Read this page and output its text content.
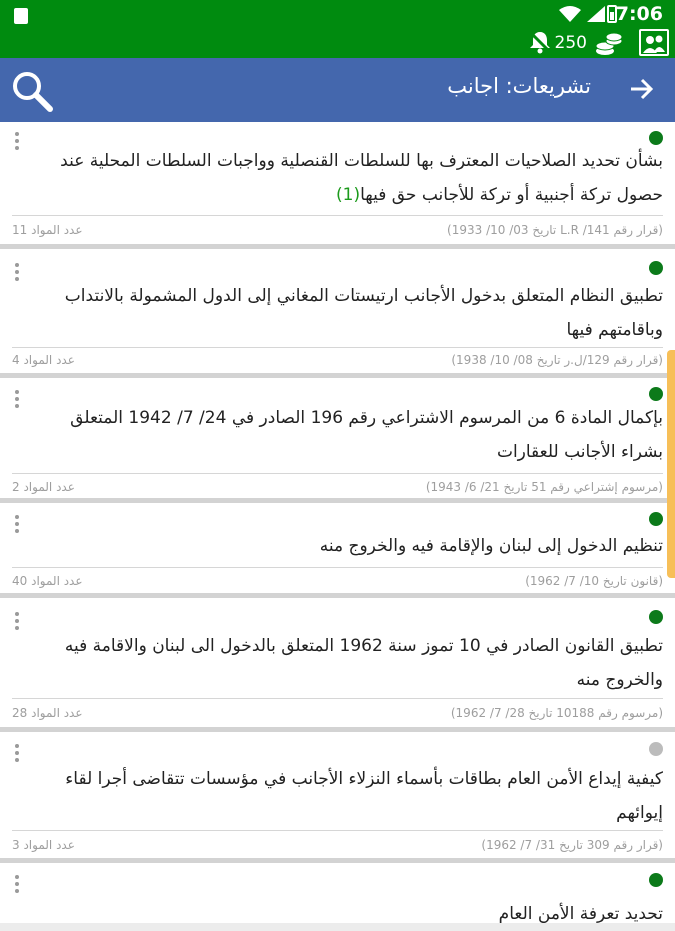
7:06
250
تشريعات: اجانب
بشأن تحديد الصلاحيات المعترف بها للسلطات القنصلية وواجبات السلطات المحلية عند حصول تركة أجنبية أو تركة للأجانب حق فيها(1)
(قرار رقم 141/ L.R تاريخ 03/ 10/ 1933)
عدد المواد 11
تطبيق النظام المتعلق بدخول الأجانب ارتيستات المغاني إلى الدول المشمولة بالانتداب وباقامتهم فيها
(قرار رقم 129/ل.ر تاريخ 08/ 10/ 1938)
عدد المواد 4
بإكمال المادة 6 من المرسوم الاشتراعي رقم 196 الصادر في 24/ 7/ 1942 المتعلق بشراء الأجانب للعقارات
(مرسوم إشتراعي رقم 51 تاريخ 21/ 6/ 1943)
عدد المواد 2
تنظيم الدخول إلى لبنان والإقامة فيه والخروج منه
(قانون تاريخ 10/ 7/ 1962)
عدد المواد 40
تطبيق القانون الصادر في 10 تموز سنة 1962 المتعلق بالدخول الى لبنان والاقامة فيه والخروج منه
(مرسوم رقم 10188 تاريخ 28/ 7/ 1962)
عدد المواد 28
كيفية إيداع الأمن العام بطاقات بأسماء النزلاء الأجانب في مؤسسات تتقاضى أجرا لقاء إيوائهم
(قرار رقم 309 تاريخ 31/ 7/ 1962)
عدد المواد 3
تحديد تعرفة الأمن العام
